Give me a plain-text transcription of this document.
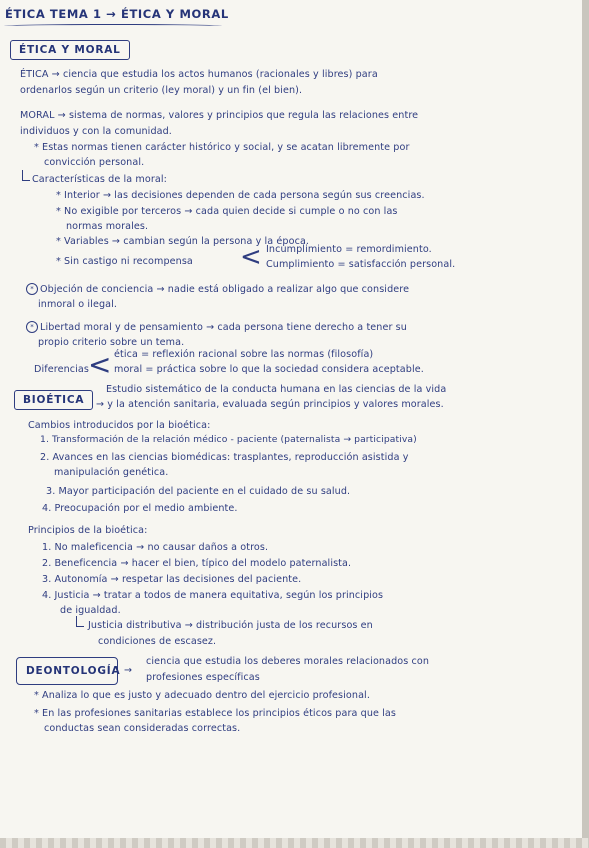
ÉTICA TEMA 1 → ÉTICA Y MORAL
ÉTICA Y MORAL
ÉTICA → ciencia que estudia los actos humanos (racionales y libres) para
ordenarlos según un criterio (ley moral) y un fin (el bien).
MORAL → sistema de normas, valores y principios que regula las relaciones entre
individuos y con la comunidad.
* Estas normas tienen carácter histórico y social, y se acatan libremente por
convicción personal.
Características de la moral:
* Interior → las decisiones dependen de cada persona según sus creencias.
* No exigible por terceros → cada quien decide si cumple o no con las
normas morales.
* Variables → cambian según la persona y la época.
* Sin castigo ni recompensa < Incumplimiento = remordimiento.
Cumplimiento = satisfacción personal.
* Objeción de conciencia → nadie está obligado a realizar algo que considere
inmoral o ilegal.
* Libertad moral y de pensamiento → cada persona tiene derecho a tener su
propio criterio sobre un tema.
Diferencias < ética = reflexión racional sobre las normas (filosofía)
moral = práctica sobre lo que la sociedad considera aceptable.
BIOÉTICA
Estudio sistemático de la conducta humana en las ciencias de la vida
→ y la atención sanitaria, evaluada según principios y valores morales.
Cambios introducidos por la bioética:
1. Transformación de la relación médico - paciente (paternalista → participativa)
2. Avances en las ciencias biomédicas: trasplantes, reproducción asistida y
manipulación genética.
3. Mayor participación del paciente en el cuidado de su salud.
4. Preocupación por el medio ambiente.
Principios de la bioética:
1. No maleficencia → no causar daños a otros.
2. Beneficencia → hacer el bien, típico del modelo paternalista.
3. Autonomía → respetar las decisiones del paciente.
4. Justicia → tratar a todos de manera equitativa, según los principios
de igualdad.
Justicia distributiva → distribución justa de los recursos en
condiciones de escasez.
DEONTOLOGÍA →
ciencia que estudia los deberes morales relacionados con
profesiones específicas
* Analiza lo que es justo y adecuado dentro del ejercicio profesional.
* En las profesiones sanitarias establece los principios éticos para que las
conductas sean consideradas correctas.
